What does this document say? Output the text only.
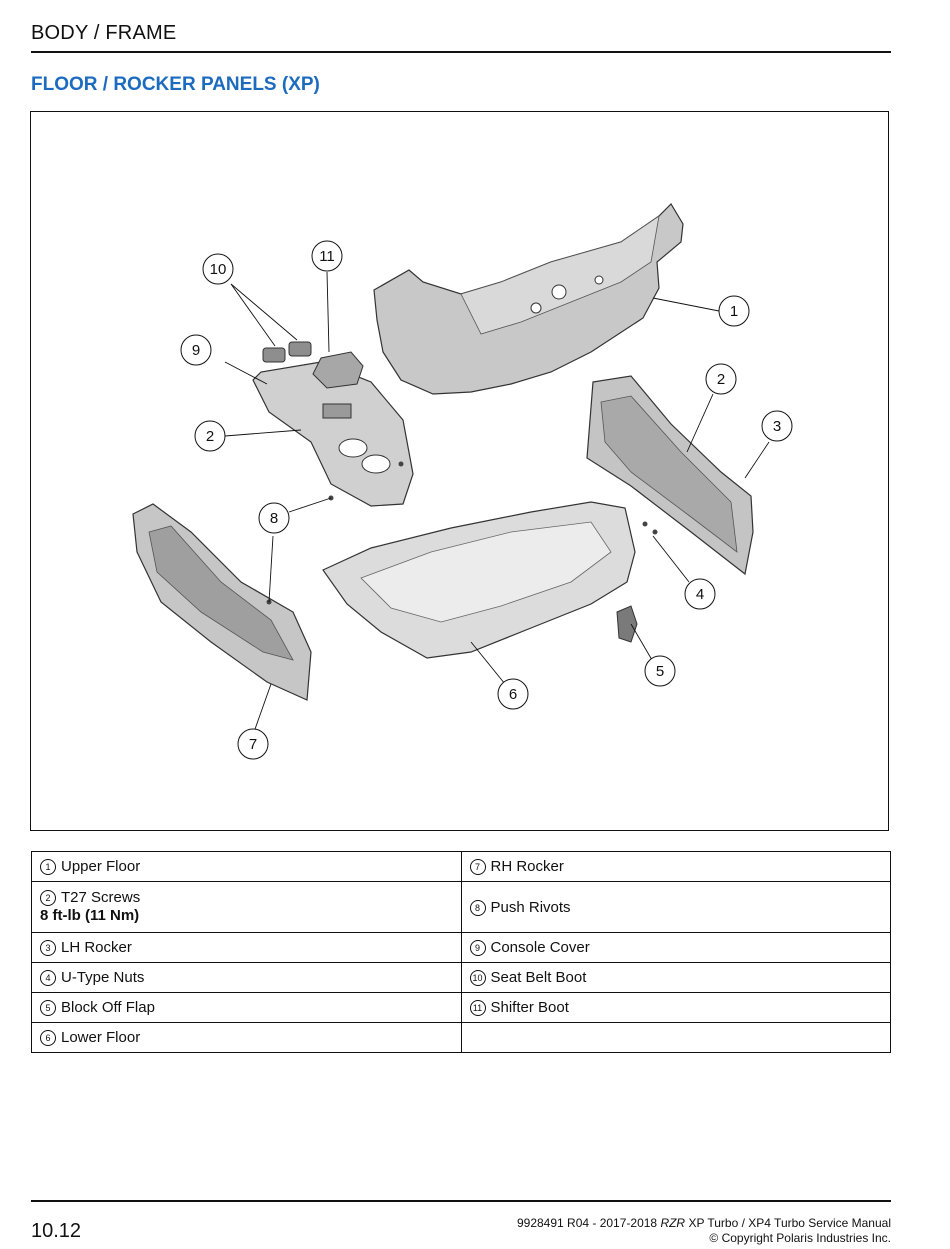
BODY / FRAME
FLOOR / ROCKER PANELS (XP)
1
2
3
4
5
6
7
8
2
9
10
11
1 Upper Floor	7 RH Rocker
2 T27 Screws
8 ft-lb (11 Nm)	8 Push Rivots
3 LH Rocker	9 Console Cover
4 U-Type Nuts	10 Seat Belt Boot
5 Block Off Flap	11 Shifter Boot
6 Lower Floor	
10.12	9928491 R04 - 2017-2018 RZR XP Turbo / XP4 Turbo Service Manual
© Copyright Polaris Industries Inc.
